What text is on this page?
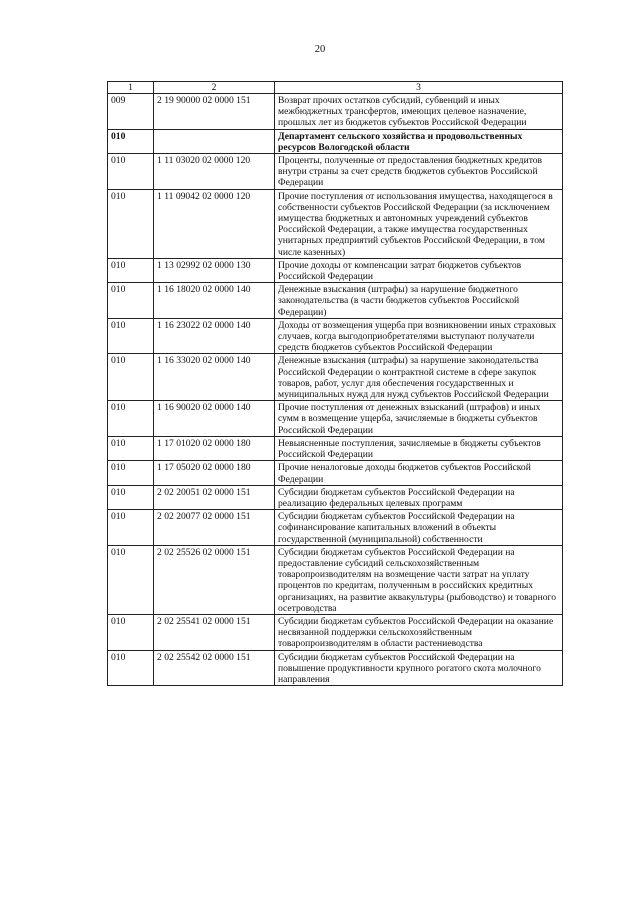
20
1	2	3
009	2 19 90000 02 0000 151	Возврат прочих остатков субсидий, субвенций и иных межбюджетных трансфертов, имеющих целевое назначение, прошлых лет из бюджетов субъектов Российской Федерации
010		Департамент сельского хозяйства и продовольственных ресурсов Вологодской области
010	1 11 03020 02 0000 120	Проценты, полученные от предоставления бюджетных кредитов внутри страны за счет средств бюджетов субъектов Российской Федерации
010	1 11 09042 02 0000 120	Прочие поступления от использования имущества, находящегося в собственности субъектов Российской Федерации (за исключением имущества бюджетных и автономных учреждений субъектов Российской Федерации, а также имущества государственных унитарных предприятий субъектов Российской Федерации, в том числе казенных)
010	1 13 02992 02 0000 130	Прочие доходы от компенсации затрат бюджетов субъектов Российской Федерации
010	1 16 18020 02 0000 140	Денежные взыскания (штрафы) за нарушение бюджетного законодательства (в части бюджетов субъектов Российской Федерации)
010	1 16 23022 02 0000 140	Доходы от возмещения ущерба при возникновении иных страховых случаев, когда выгодоприобретателями выступают получатели средств бюджетов субъектов Российской Федерации
010	1 16 33020 02 0000 140	Денежные взыскания (штрафы) за нарушение законодательства Российской Федерации о контрактной системе в сфере закупок товаров, работ, услуг для обеспечения государственных и муниципальных нужд для нужд субъектов Российской Федерации
010	1 16 90020 02 0000 140	Прочие поступления от денежных взысканий (штрафов) и иных сумм в возмещение ущерба, зачисляемые в бюджеты субъектов Российской Федерации
010	1 17 01020 02 0000 180	Невыясненные поступления, зачисляемые в бюджеты субъектов Российской Федерации
010	1 17 05020 02 0000 180	Прочие неналоговые доходы бюджетов субъектов Российской Федерации
010	2 02 20051 02 0000 151	Субсидии бюджетам субъектов Российской Федерации на реализацию федеральных целевых программ
010	2 02 20077 02 0000 151	Субсидии бюджетам субъектов Российской Федерации на софинансирование капитальных вложений в объекты государственной (муниципальной) собственности
010	2 02 25526 02 0000 151	Субсидии бюджетам субъектов Российской Федерации на предоставление субсидий сельскохозяйственным товаропроизводителям на возмещение части затрат на уплату процентов по кредитам, полученным в российских кредитных организациях, на развитие аквакультуры (рыбоводство) и товарного осетроводства
010	2 02 25541 02 0000 151	Субсидии бюджетам субъектов Российской Федерации на оказание несвязанной поддержки сельскохозяйственным товаропроизводителям в области растениеводства
010	2 02 25542 02 0000 151	Субсидии бюджетам субъектов Российской Федерации на повышение продуктивности крупного рогатого скота молочного направления
